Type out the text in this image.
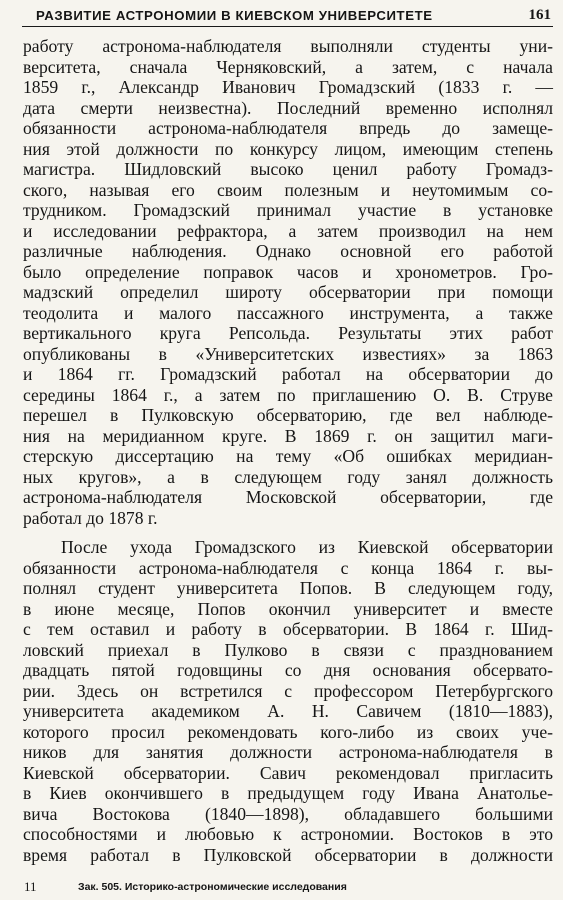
РАЗВИТИЕ АСТРОНОМИИ В КИЕВСКОМ УНИВЕРСИТЕТЕ	161
работу астронома-наблюдателя выполняли студенты уни-
верситета, сначала Черняковский, а затем, с начала
1859 г., Александр Иванович Громадзский (1833 г. —
дата смерти неизвестна). Последний временно исполнял
обязанности астронома-наблюдателя впредь до замеще-
ния этой должности по конкурсу лицом, имеющим степень
магистра. Шидловский высоко ценил работу Громадз-
ского, называя его своим полезным и неутомимым со-
трудником. Громадзский принимал участие в установке
и исследовании рефрактора, а затем производил на нем
различные наблюдения. Однако основной его работой
было определение поправок часов и хронометров. Гро-
мадзский определил широту обсерватории при помощи
теодолита и малого пассажного инструмента, а также
вертикального круга Репсольда. Результаты этих работ
опубликованы в «Университетских известиях» за 1863
и 1864 гг. Громадзский работал на обсерватории до
середины 1864 г., а затем по приглашению О. В. Струве
перешел в Пулковскую обсерваторию, где вел наблюде-
ния на меридианном круге. В 1869 г. он защитил маги-
стерскую диссертацию на тему «Об ошибках меридиан-
ных кругов», а в следующем году занял должность
астронома-наблюдателя Московской обсерватории, где
работал до 1878 г.
После ухода Громадзского из Киевской обсерватории
обязанности астронома-наблюдателя с конца 1864 г. вы-
полнял студент университета Попов. В следующем году,
в июне месяце, Попов окончил университет и вместе
с тем оставил и работу в обсерватории. В 1864 г. Шид-
ловский приехал в Пулково в связи с празднованием
двадцать пятой годовщины со дня основания обсервато-
рии. Здесь он встретился с профессором Петербургского
университета академиком А. Н. Савичем (1810—1883),
которого просил рекомендовать кого-либо из своих уче-
ников для занятия должности астронома-наблюдателя в
Киевской обсерватории. Савич рекомендовал пригласить
в Киев окончившего в предыдущем году Ивана Анатолье-
вича Востокова (1840—1898), обладавшего большими
способностями и любовью к астрономии. Востоков в это
время работал в Пулковской обсерватории в должности
11	Зак. 505. Историко-астрономические исследования
